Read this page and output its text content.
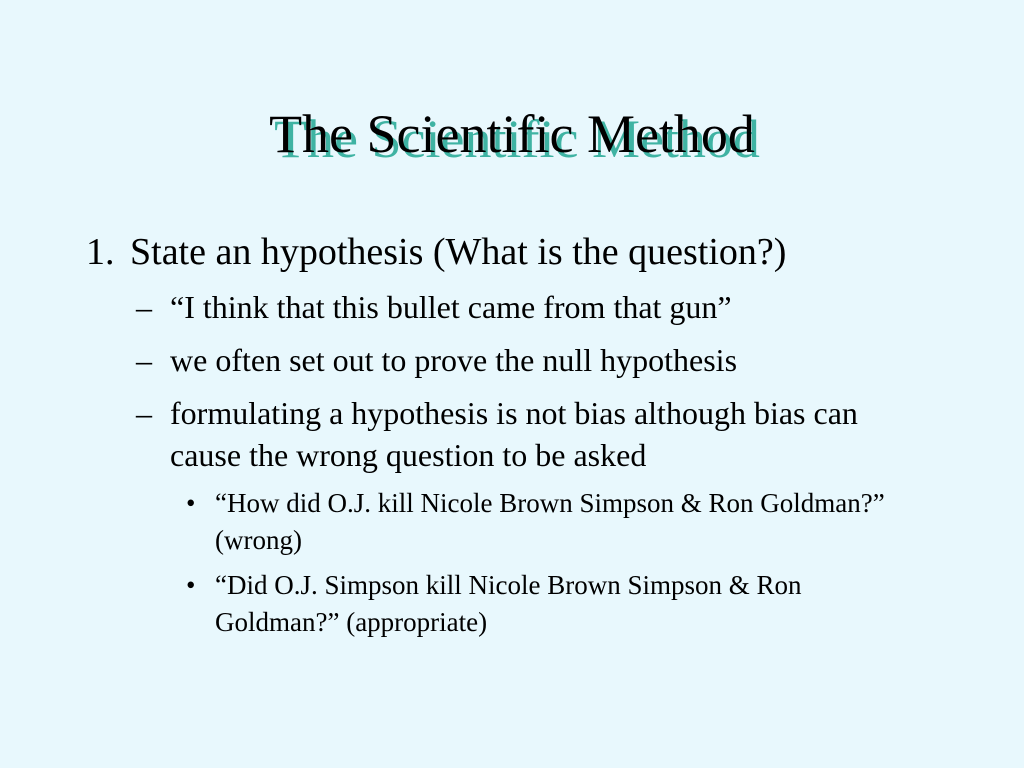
The Scientific Method
1. State an hypothesis (What is the question?)
– “I think that this bullet came from that gun”
– we often set out to prove the null hypothesis
– formulating a hypothesis is not bias although bias can cause the wrong question to be asked
• “How did O.J. kill Nicole Brown Simpson & Ron Goldman?” (wrong)
• “Did O.J. Simpson kill Nicole Brown Simpson & Ron Goldman?” (appropriate)
